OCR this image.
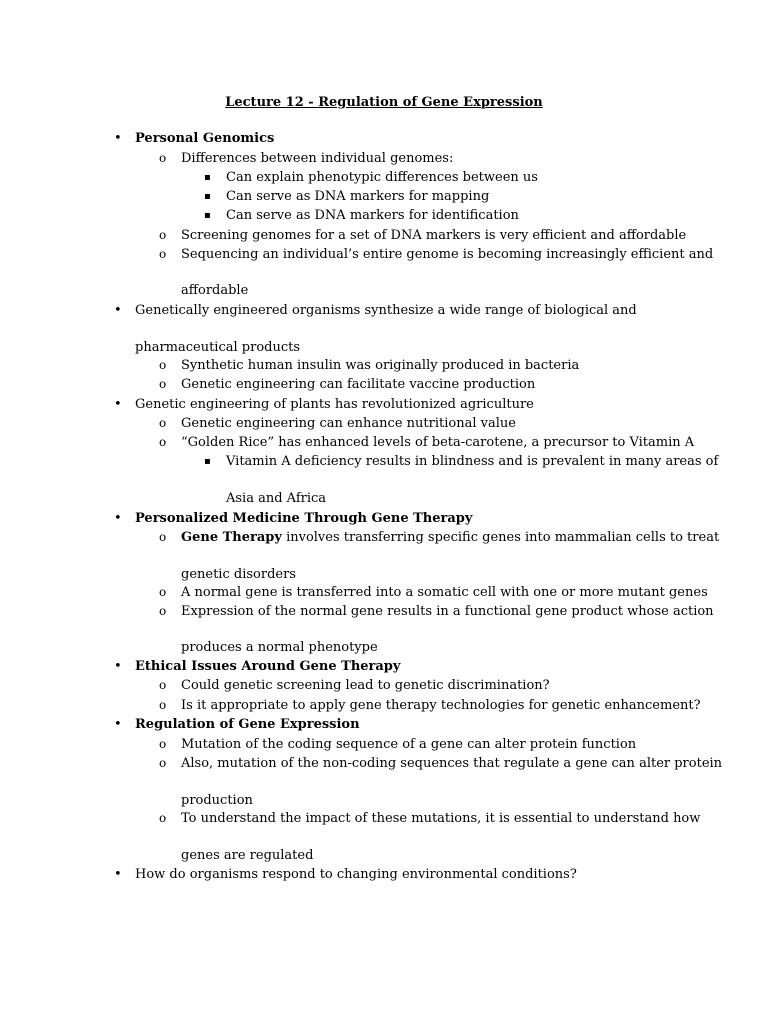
Lecture 12 - Regulation of Gene Expression
• Personal Genomics
o Differences between individual genomes:
▪ Can explain phenotypic differences between us
▪ Can serve as DNA markers for mapping
▪ Can serve as DNA markers for identification
o Screening genomes for a set of DNA markers is very efficient and affordable
o Sequencing an individual’s entire genome is becoming increasingly efficient and
affordable
• Genetically engineered organisms synthesize a wide range of biological and
pharmaceutical products
o Synthetic human insulin was originally produced in bacteria
o Genetic engineering can facilitate vaccine production
• Genetic engineering of plants has revolutionized agriculture
o Genetic engineering can enhance nutritional value
o “Golden Rice” has enhanced levels of beta-carotene, a precursor to Vitamin A
▪ Vitamin A deficiency results in blindness and is prevalent in many areas of
Asia and Africa
• Personalized Medicine Through Gene Therapy
o Gene Therapy involves transferring specific genes into mammalian cells to treat
genetic disorders
o A normal gene is transferred into a somatic cell with one or more mutant genes
o Expression of the normal gene results in a functional gene product whose action
produces a normal phenotype
• Ethical Issues Around Gene Therapy
o Could genetic screening lead to genetic discrimination?
o Is it appropriate to apply gene therapy technologies for genetic enhancement?
• Regulation of Gene Expression
o Mutation of the coding sequence of a gene can alter protein function
o Also, mutation of the non-coding sequences that regulate a gene can alter protein
production
o To understand the impact of these mutations, it is essential to understand how
genes are regulated
• How do organisms respond to changing environmental conditions?
